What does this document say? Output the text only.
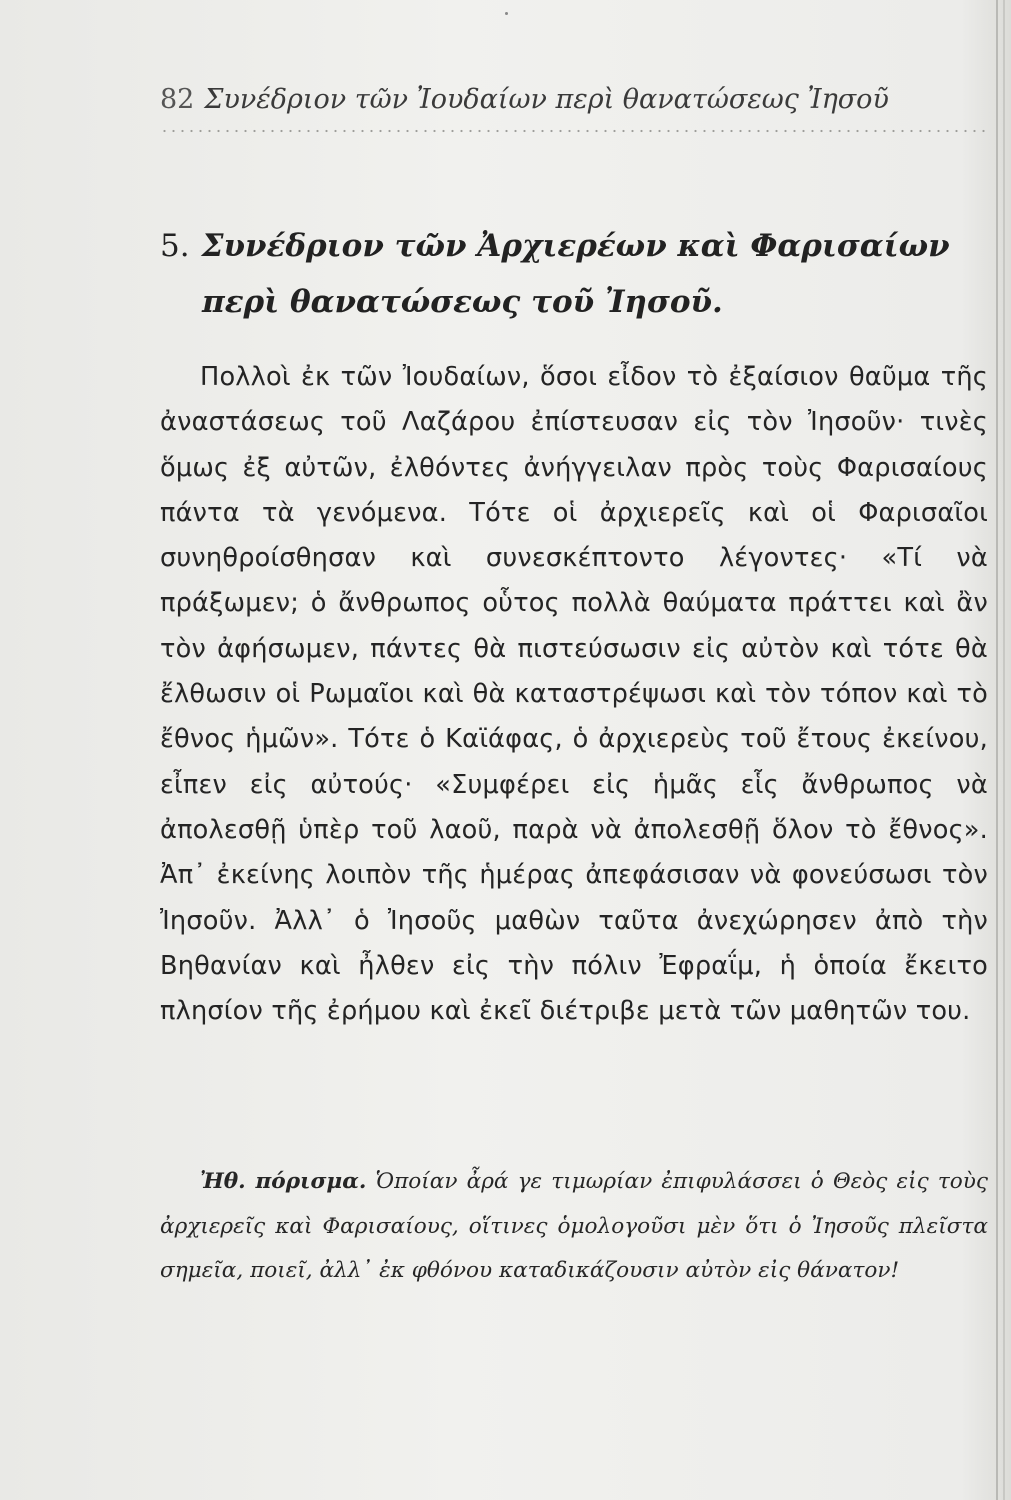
82 Συνέδριον τῶν Ἰουδαίων περὶ θανατώσεως Ἰησοῦ
5. Συνέδριον τῶν Ἀρχιερέων καὶ Φαρισαίων
περὶ θανατώσεως τοῦ Ἰησοῦ.

Πολλοὶ ἐκ τῶν Ἰουδαίων, ὅσοι εἶδον τὸ ἐξαίσιον θαῦμα τῆς ἀναστάσεως τοῦ Λαζάρου ἐπίστευσαν εἰς τὸν Ἰησοῦν· τινὲς ὅμως ἐξ αὐτῶν, ἐλθόντες ἀνήγγειλαν πρὸς τοὺς Φαρισαίους πάντα τὰ γενόμενα. Τότε οἱ ἀρχιερεῖς καὶ οἱ Φαρισαῖοι συνηθροίσθησαν καὶ συνεσκέπτοντο λέγοντες· «Τί νὰ πράξωμεν; ὁ ἄνθρωπος οὗτος πολλὰ θαύματα πράττει καὶ ἂν τὸν ἀφήσωμεν, πάντες θὰ πιστεύσωσιν εἰς αὐτὸν καὶ τότε θὰ ἔλθωσιν οἱ Ρωμαῖοι καὶ θὰ καταστρέψωσι καὶ τὸν τόπον καὶ τὸ ἔθνος ἡμῶν». Τότε ὁ Καϊάφας, ὁ ἀρχιερεὺς τοῦ ἔτους ἐκείνου, εἶπεν εἰς αὐτούς· «Συμφέρει εἰς ἡμᾶς εἷς ἄνθρωπος νὰ ἀπολεσθῇ ὑπὲρ τοῦ λαοῦ, παρὰ νὰ ἀπολεσθῇ ὅλον τὸ ἔθνος». Ἀπ᾿ ἐκείνης λοιπὸν τῆς ἡμέρας ἀπεφάσισαν νὰ φονεύσωσι τὸν Ἰησοῦν. Ἀλλ᾿ ὁ Ἰησοῦς μαθὼν ταῦτα ἀνεχώρησεν ἀπὸ τὴν Βηθανίαν καὶ ἦλθεν εἰς τὴν πόλιν Ἐφραΐμ, ἡ ὁποία ἔκειτο πλησίον τῆς ἐρήμου καὶ ἐκεῖ διέτριβε μετὰ τῶν μαθητῶν του.

Ἠθ. πόρισμα. Ὁποίαν ἆρά γε τιμωρίαν ἐπιφυλάσσει ὁ Θεὸς εἰς τοὺς ἀρχιερεῖς καὶ Φαρισαίους, οἵτινες ὁμολογοῦσι μὲν ὅτι ὁ Ἰησοῦς πλεῖστα σημεῖα, ποιεῖ, ἀλλ᾿ ἐκ φθόνου καταδικάζουσιν αὐτὸν εἰς θάνατον!
